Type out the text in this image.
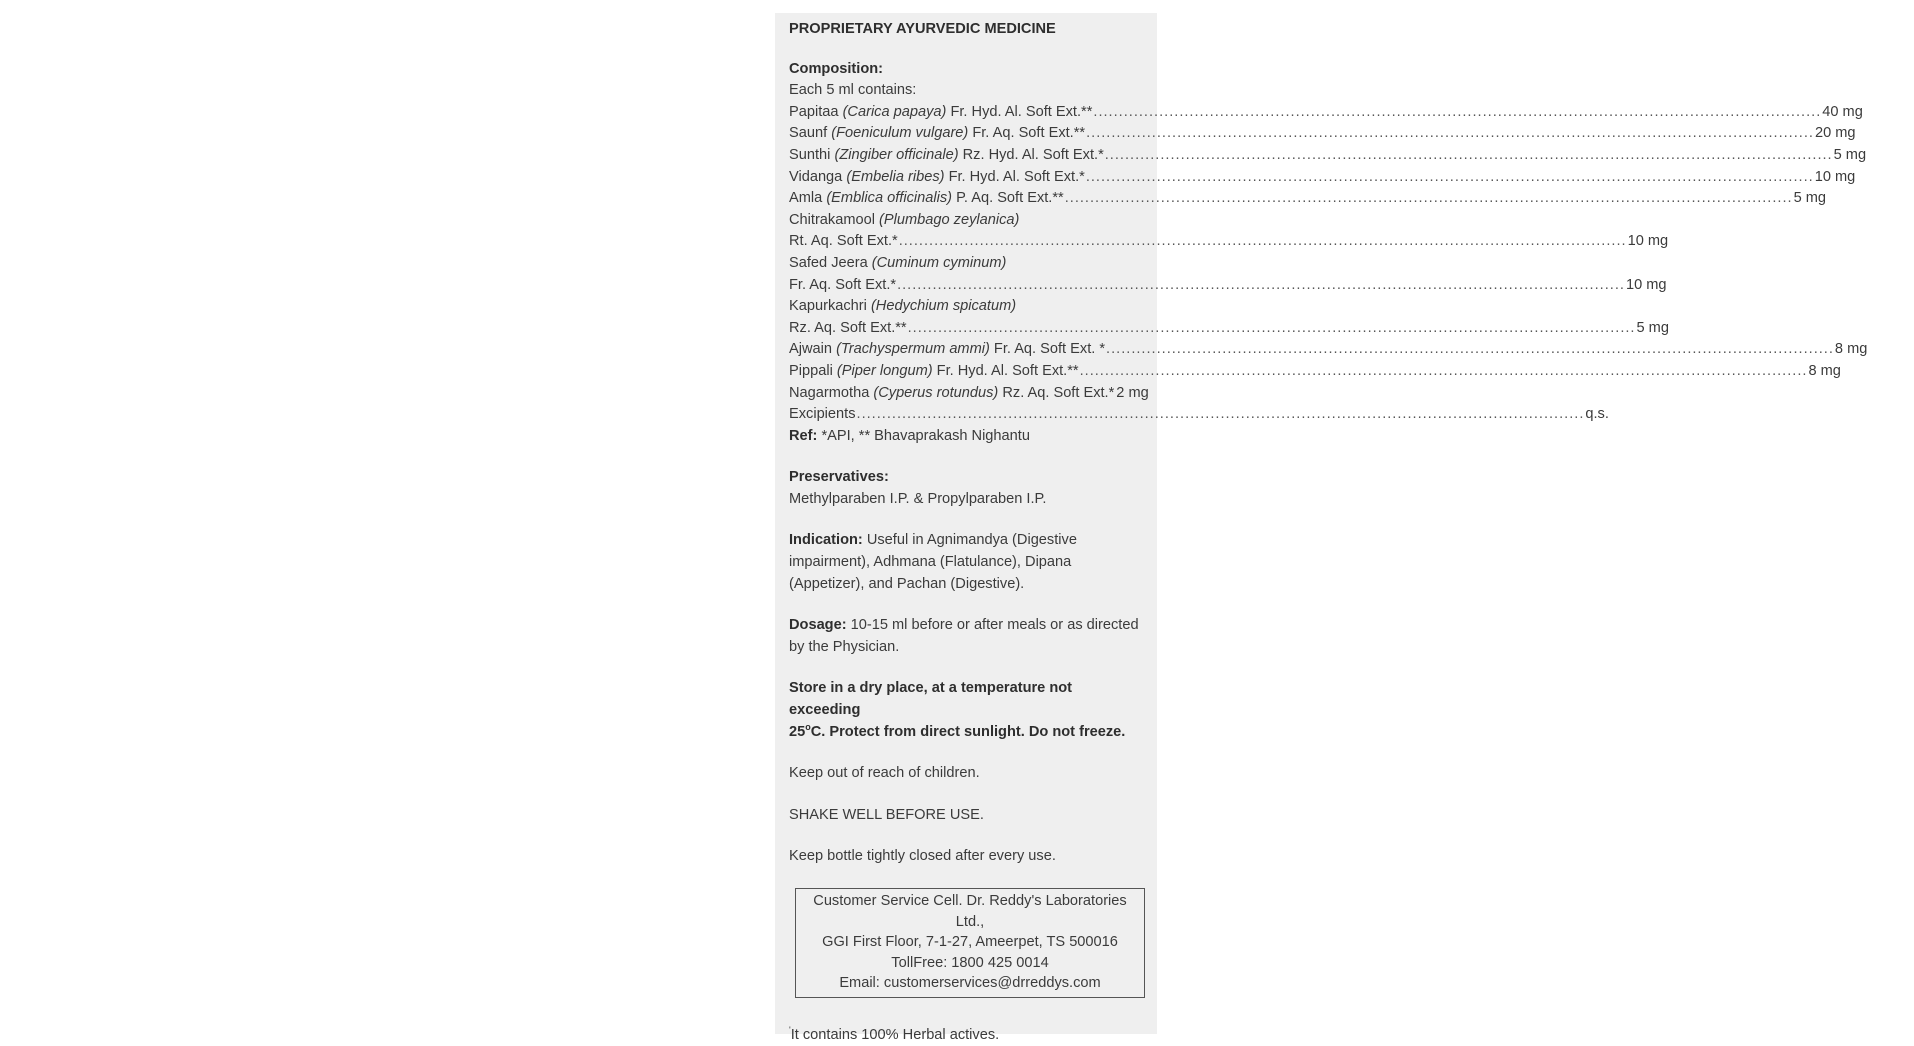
PROPRIETARY AYURVEDIC MEDICINE

Composition:

Each 5 ml contains:
Papitaa (Carica papaya) Fr. Hyd. Al. Soft Ext.** .....	40 mg
Saunf (Foeniculum vulgare) Fr. Aq. Soft Ext.** .....	20 mg
Sunthi (Zingiber officinale) Rz. Hyd. Al. Soft Ext.* .....	5 mg
Vidanga (Embelia ribes) Fr. Hyd. Al. Soft Ext.* .....	10 mg
Amla (Emblica officinalis) P. Aq. Soft Ext.** .....	5 mg
Chitrakamool (Plumbago zeylanica)
Rt. Aq. Soft Ext.* .....	10 mg
Safed Jeera (Cuminum cyminum)
Fr. Aq. Soft Ext.* .....	10 mg
Kapurkachri (Hedychium spicatum)
Rz. Aq. Soft Ext.** .....	5 mg
Ajwain (Trachyspermum ammi) Fr. Aq. Soft Ext. * .....	8 mg
Pippali (Piper longum) Fr. Hyd. Al. Soft Ext.** .....	8 mg
Nagarmotha (Cyperus rotundus) Rz. Aq. Soft Ext.* 2 mg
Excipients .....	q.s.
Ref: *API, ** Bhavaprakash Nighantu

Preservatives:

Methylparaben I.P. & Propylparaben I.P.

Indication: Useful in Agnimandya (Digestive impairment), Adhmana (Flatulance), Dipana (Appetizer), and Pachan (Digestive).

Dosage: 10-15 ml before or after meals or as directed by the Physician.

Store in a dry place, at a temperature not exceeding
25$^o$C. Protect from direct sunlight. Do not freeze.

Keep out of reach of children.

SHAKE WELL BEFORE USE.

Keep bottle tightly closed after every use.

Customer Service Cell. Dr. Reddy's Laboratories Ltd.,
GGI First Floor, 7-1-27, Ameerpet, TS 500016
TollFree: 1800 425 0014
Email: customerservices@drreddys.com

'It contains 100% Herbal actives.
